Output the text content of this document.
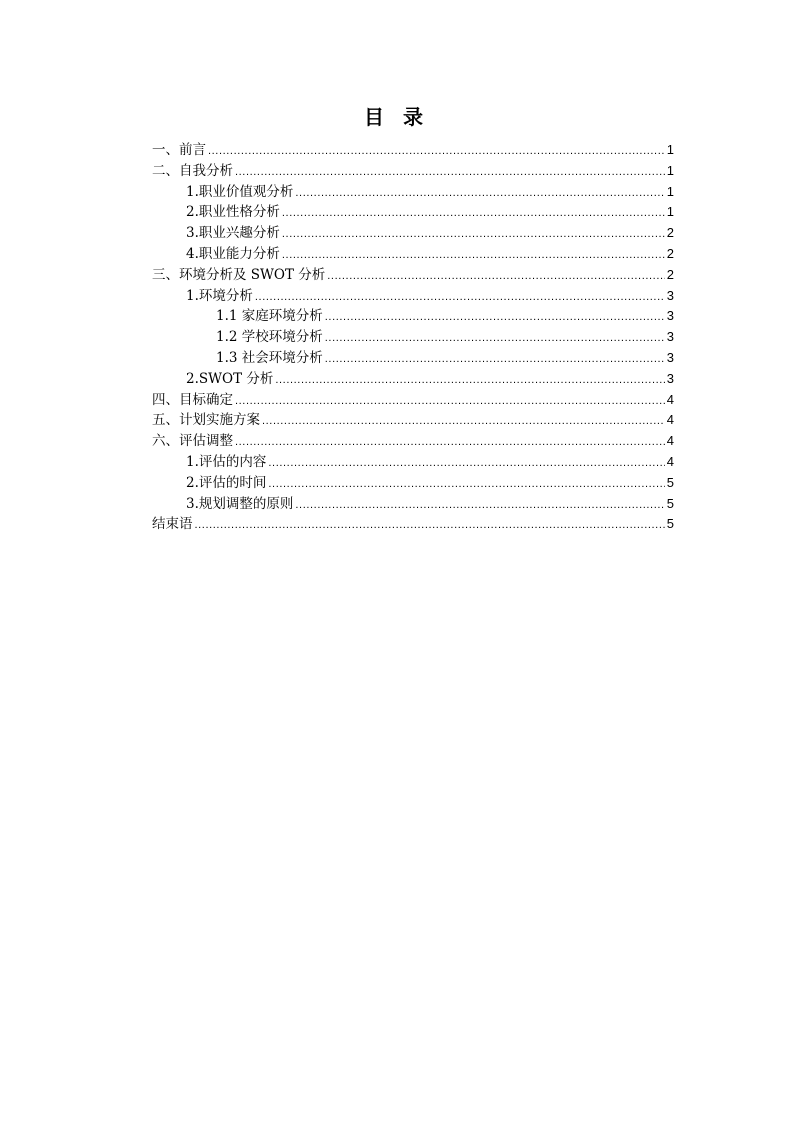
目 录
一、前言 .....	1
二、自我分析 .....	1
1.职业价值观分析 .....	1
2.职业性格分析 .....	1
3.职业兴趣分析 .....	2
4.职业能力分析 .....	2
三、环境分析及 SWOT 分析 .....	2
1.环境分析 .....	3
1.1 家庭环境分析 .....	3
1.2 学校环境分析 .....	3
1.3 社会环境分析 .....	3
2.SWOT 分析 .....	3
四、目标确定 .....	4
五、计划实施方案 .....	4
六、评估调整 .....	4
1.评估的内容 .....	4
2.评估的时间 .....	5
3.规划调整的原则 .....	5
结束语 .....	5
